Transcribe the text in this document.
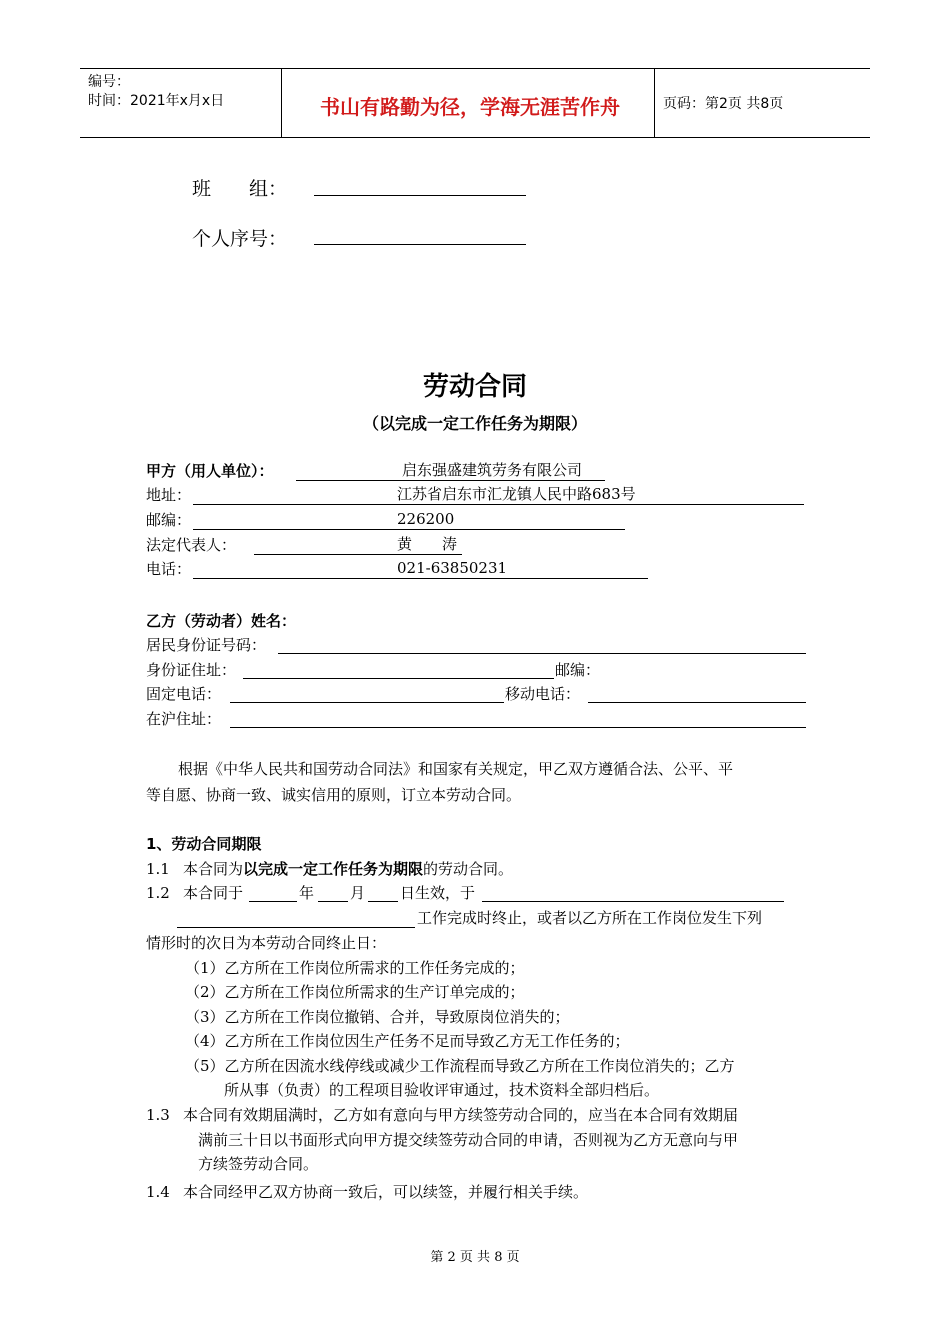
编号：
时间：2021年x月x日	书山有路勤为径，学海无涯苦作舟	页码：第2页 共8页
班　　组：
个人序号：
劳动合同
（以完成一定工作任务为期限）
甲方（用人单位）：	启东强盛建筑劳务有限公司
地址：	江苏省启东市汇龙镇人民中路683号
邮编：	226200
法定代表人：	黄　　涛
电话：	021-63850231
乙方（劳动者）姓名：
居民身份证号码：
身份证住址：	邮编：
固定电话：	移动电话：
在沪住址：
根据《中华人民共和国劳动合同法》和国家有关规定，甲乙双方遵循合法、公平、平
等自愿、协商一致、诚实信用的原则，订立本劳动合同。
1、劳动合同期限
1.1 本合同为以完成一定工作任务为期限的劳动合同。
1.2 本合同于	年 月 日生效，于
工作完成时终止，或者以乙方所在工作岗位发生下列
情形时的次日为本劳动合同终止日：
（1）乙方所在工作岗位所需求的工作任务完成的；
（2）乙方所在工作岗位所需求的生产订单完成的；
（3）乙方所在工作岗位撤销、合并，导致原岗位消失的；
（4）乙方所在工作岗位因生产任务不足而导致乙方无工作任务的；
（5）乙方所在因流水线停线或减少工作流程而导致乙方所在工作岗位消失的；乙方
所从事（负责）的工程项目验收评审通过，技术资料全部归档后。
1.3 本合同有效期届满时，乙方如有意向与甲方续签劳动合同的，应当在本合同有效期届
满前三十日以书面形式向甲方提交续签劳动合同的申请，否则视为乙方无意向与甲
方续签劳动合同。
1.4 本合同经甲乙双方协商一致后，可以续签，并履行相关手续。
第 2 页 共 8 页
